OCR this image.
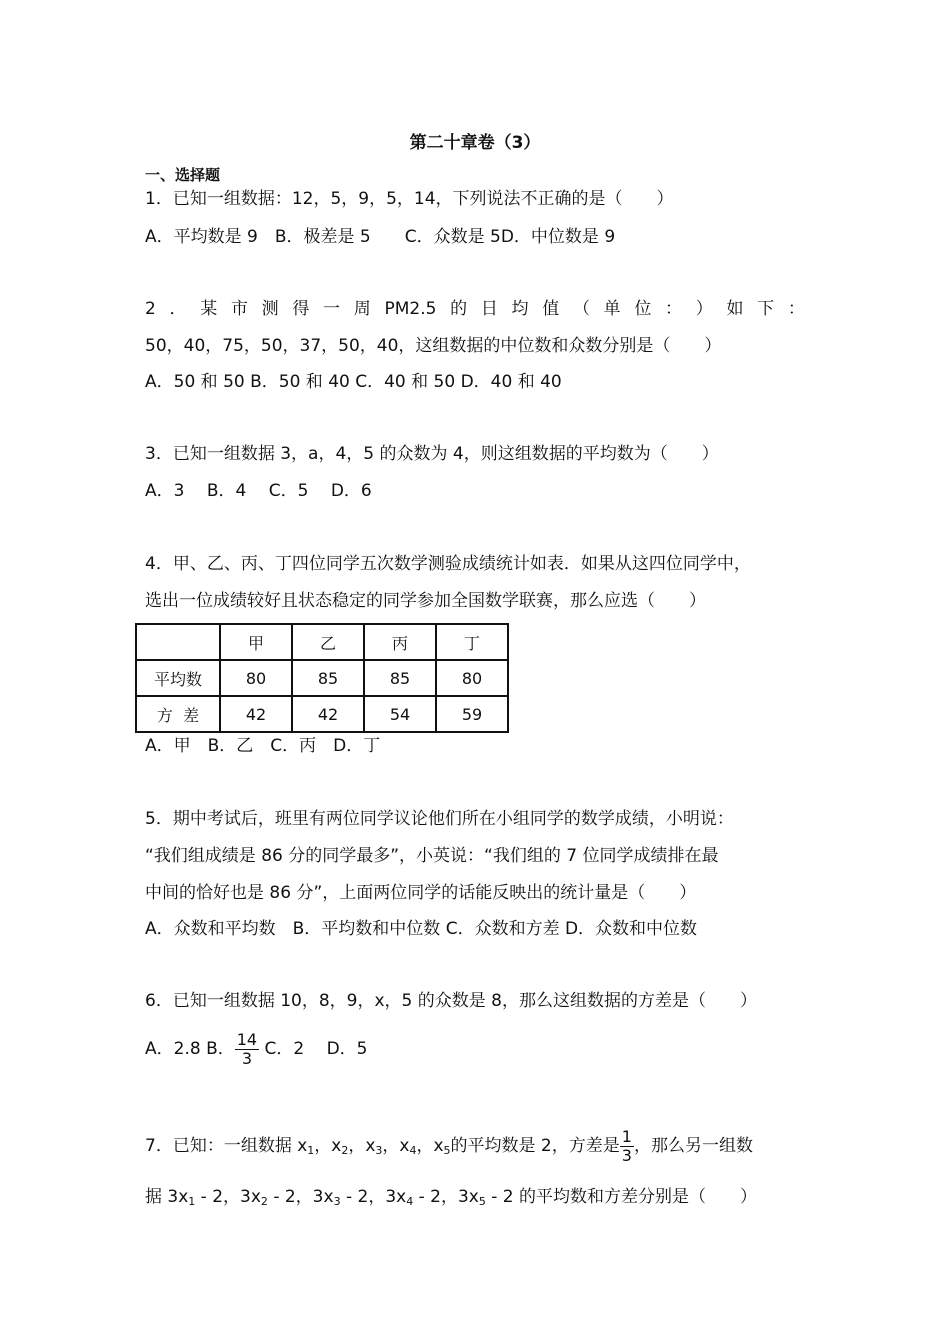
第二十章卷（3）
一、选择题
1．已知一组数据：12，5，9，5，14，下列说法不正确的是（　　）
A．平均数是 9　B．极差是 5　　C．众数是 5D．中位数是 9
2 ． 某 市 测 得 一 周 PM2.5 的 日 均 值 （ 单 位 ： ） 如 下 ：
50，40，75，50，37，50，40，这组数据的中位数和众数分别是（　　）
A．50 和 50 B．50 和 40 C．40 和 50 D．40 和 40
3．已知一组数据 3，a，4，5 的众数为 4，则这组数据的平均数为（　　）
A．3　 B．4　 C．5　 D．6
4．甲、乙、丙、丁四位同学五次数学测验成绩统计如表．如果从这四位同学中，
选出一位成绩较好且状态稳定的同学参加全国数学联赛，那么应选（　　）
	甲	乙	丙	丁
平均数	80	85	85	80
方  差	42	42	54	59
A．甲　B．乙　C．丙　D．丁
5．期中考试后，班里有两位同学议论他们所在小组同学的数学成绩，小明说：
“我们组成绩是 86 分的同学最多”，小英说：“我们组的 7 位同学成绩排在最
中间的恰好也是 86 分”，上面两位同学的话能反映出的统计量是（　　）
A．众数和平均数　B．平均数和中位数 C．众数和方差 D．众数和中位数
6．已知一组数据 10，8，9，x，5 的众数是 8，那么这组数据的方差是（　　）
A．2.8 B． $\frac{14}{3}$ C．2　 D．5
7．已知：一组数据 $x_1$，$x_2$，$x_3$，$x_4$，$x_5$的平均数是 2，方差是 $\frac{1}{3}$ ，那么另一组数
据 $3x_1 - 2$，$3x_2 - 2$，$3x_3 - 2$，$3x_4 - 2$，$3x_5 - 2$ 的平均数和方差分别是（　　）
